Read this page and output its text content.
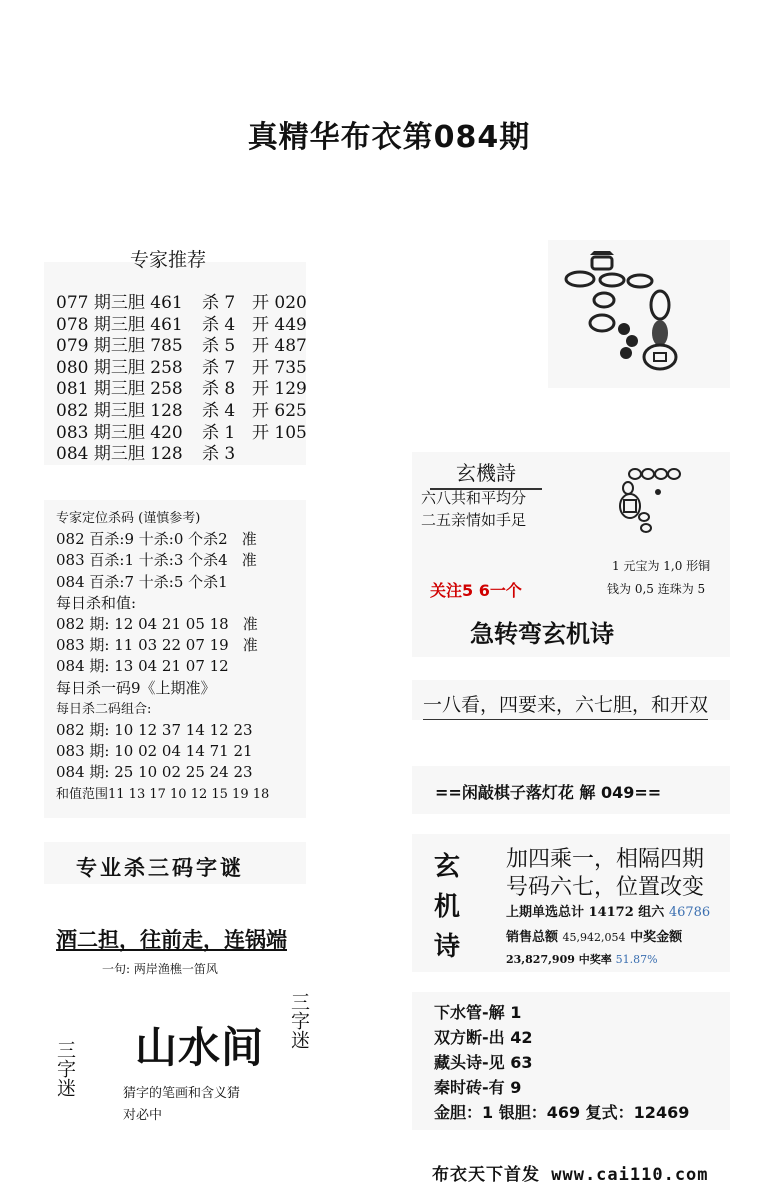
真精华布衣第084期
专家推荐
077 期三胆 461 杀 7 开 020
078 期三胆 461 杀 4 开 449
079 期三胆 785 杀 5 开 487
080 期三胆 258 杀 7 开 735
081 期三胆 258 杀 8 开 129
082 期三胆 128 杀 4 开 625
083 期三胆 420 杀 1 开 105
084 期三胆 128 杀 3
专家定位杀码 (谨慎参考)
082 百杀:9 十杀:0 个杀2 准
083 百杀:1 十杀:3 个杀4 准
084 百杀:7 十杀:5 个杀1
每日杀和值:
082 期: 12 04 21 05 18 准
083 期: 11 03 22 07 19 准
084 期: 13 04 21 07 12
每日杀一码9《上期准》
每日杀二码组合:
082 期: 10 12 37 14 12 23
083 期: 10 02 04 14 71 21
084 期: 25 10 02 25 24 23
和值范围11 13 17 10 12 15 19 18
专业杀三码字谜
酒二担，往前走，连锅端
一句: 两岸渔樵一笛风
三字迷
三字迷
山水间
猜字的笔画和含义猜
对必中
玄機詩
六八共和平均分
二五亲情如手足
1 元宝为 1,0 形铜
钱为 0,5 连珠为 5
关注5 6一个
急转弯玄机诗
一八看，四要来，六七胆，和开双
==闲敲棋子落灯花 解 049==
玄机诗
加四乘一，相隔四期
号码六七，位置改变
上期单选总计 14172 组六 46786
销售总额 45,942,054 中奖金额
23,827,909 中奖率 51.87%
下水管-解 1
双方断-出 42
藏头诗-见 63
秦时砖-有 9
金胆：1 银胆：469 复式：12469
布衣天下首发 www.cai110.com
